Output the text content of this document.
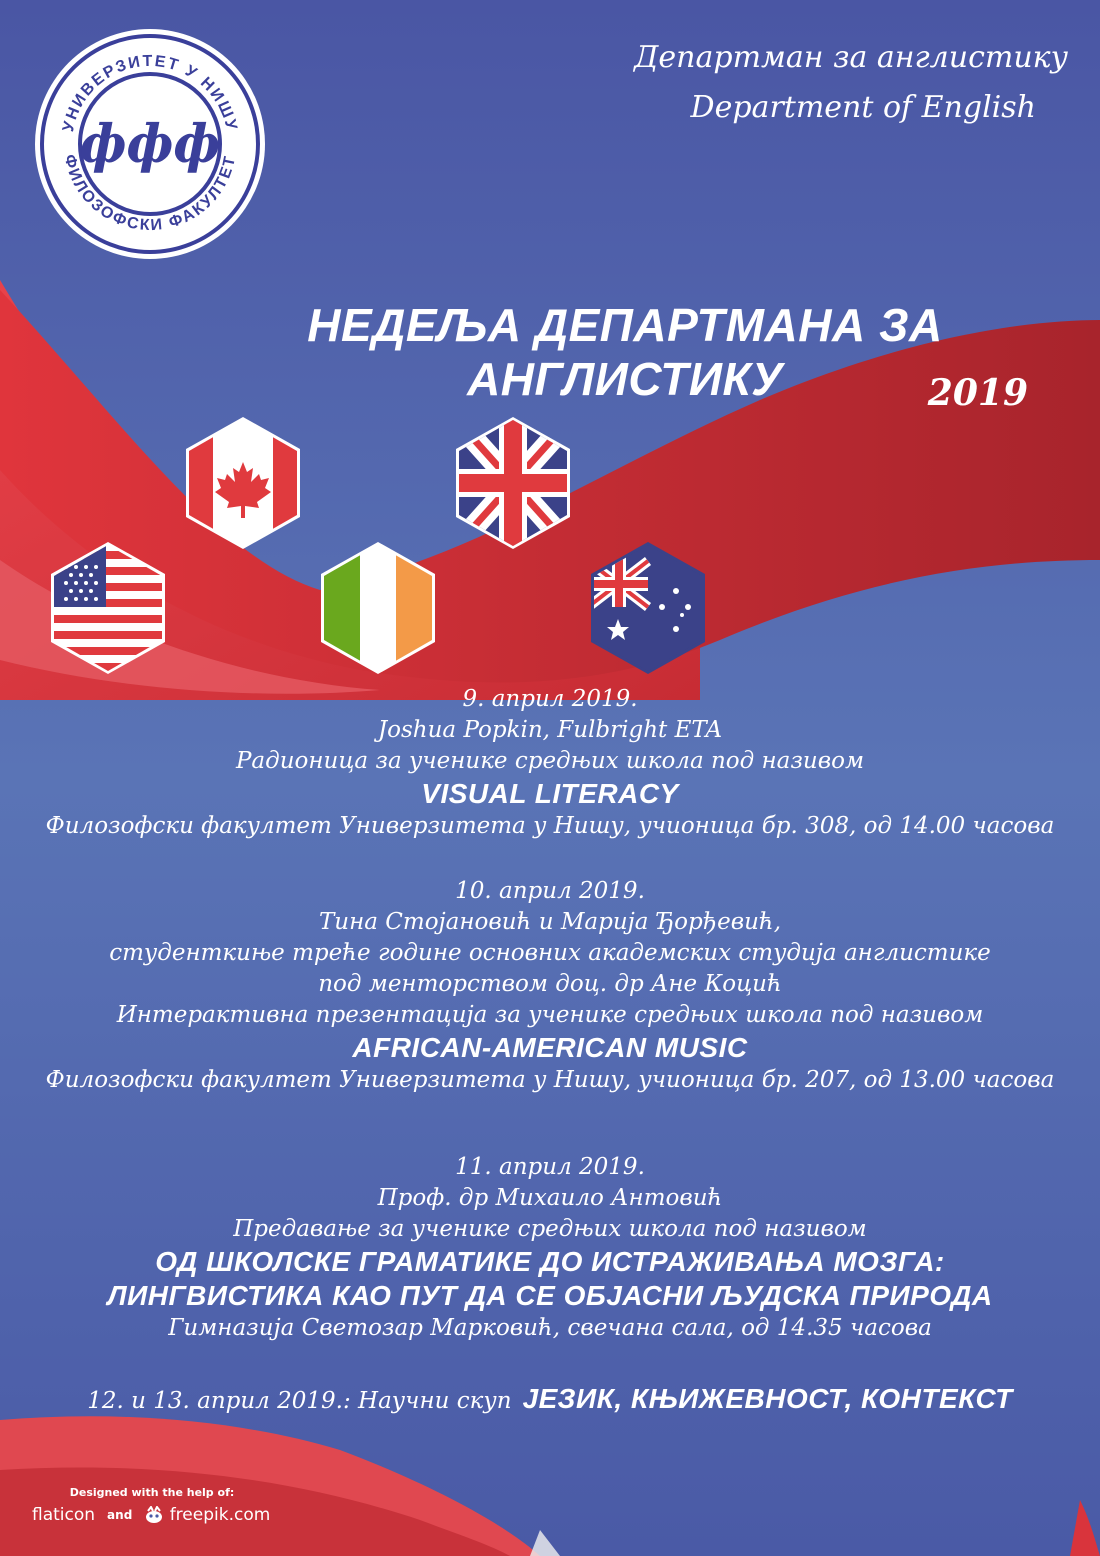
УНИВЕРЗИТЕТ У НИШУ
ФИЛОЗОФСКИ ФАКУЛТЕТ
ффф
Департман за англистику
Department of English
НЕДЕЉА ДЕПАРТМАНА ЗА АНГЛИСТИКУ	2019
9. април 2019.
Joshua Popkin, Fulbright ETA
Радионица за ученике средњих школа под називом
VISUAL LITERACY
Филозофски факултет Универзитета у Нишу, учионица бр. 308, од 14.00 часова
10. април 2019.
Тина Стојановић и Марија Ђорђевић,
студенткиње треће године основних академских студија англистике
под менторством доц. др Ане Коцић
Интерактивна презентација за ученике средњих школа под називом
AFRICAN-AMERICAN MUSIC
Филозофски факултет Универзитета у Нишу, учионица бр. 207, од 13.00 часова
11. април 2019.
Проф. др Михаило Антовић
Предавање за ученике средњих школа под називом
ОД ШКОЛСКЕ ГРАМАТИКЕ ДО ИСТРАЖИВАЊА МОЗГА:
ЛИНГВИСТИКА КАО ПУТ ДА СЕ ОБЈАСНИ ЉУДСКА ПРИРОДА
Гимназија Светозар Марковић, свечана сала, од 14.35 часова
12. и 13. април 2019.: Научни скуп ЈЕЗИК, КЊИЖЕВНОСТ, КОНТЕКСТ
Designed with the help of:
flaticon and	freepik.com
